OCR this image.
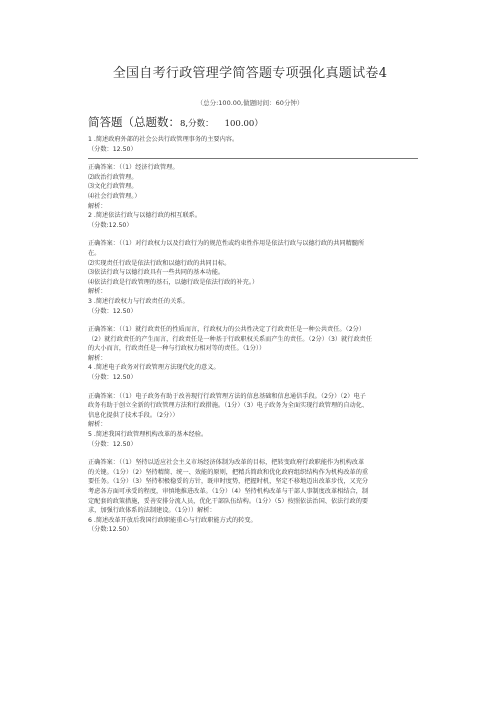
全国自考行政管理学简答题专项强化真题试卷4
（总分:100.00,做题时间：60分钟）
简答题（总题数：8,分数： 100.00）

1 .简述政府外部的社会公共行政管理事务的主要内容。

（分数：12.50）

正确答案：（（1）经济行政管理。

⑵政治行政管理。

⑶文化行政管理。

⑷社会行政管理。）

解析：

2 .简述依法行政与以德行政的相互联系。

（分数:12.50）

正确答案：（（1）对行政权力以及行政行为的规范性或约束性作用是依法行政与以德行政的共同精髓所

在。

⑵实现责任行政是依法行政和以德行政的共同目标。

⑶依法行政与以德行政具有一些共同的基本功能。

⑷依法行政是行政管理的基石，以德行政是依法行政的补充。）

解析：

3 .简述行政权力与行政责任的关系。

（分数：12.50）

正确答案：（（1）就行政责任的性质而言，行政权力的公共性决定了行政责任是一种公共责任。（2分）

（2）就行政责任的产生而言，行政责任是一种基于行政职权关系而产生的责任。（2分）（3）就行政责任

的大小而言，行政责任是一种与行政权力相对等的责任。（1分））

解析：

4 .简述电子政务对行政管理方法现代化的意义。

（分数：12.50）

正确答案：（（1）电子政务有助于改善现行行政管理方法的信息基础和信息通信手段。（2分）（2）电子

政务有助于创立全新的行政管理方法和行政措施。（1分）（3）电子政务为全面实现行政管理的自动化、

信息化提供了技术手段。（2分））

解析：

5 .简述我国行政管理机构改革的基本经验。

（分数：12.50）

正确答案：（（1）坚持以适应社会主义市场经济体制为改革的目标，把转变政府行政职能作为机构改革

的关键。（1分）（2）坚持精简、统一、效能的原则，把精兵简政和优化政府组织结构作为机构改革的重

要任务。（1分）（3）坚持积极稳妥的方针，既审时度势，把握时机，坚定不移地迈出改革步伐，又充分

考虑各方面可承受的程度，审慎地推进改革。（1分）（4）坚持机构改革与干部人事制度改革相结合，制

定配套的政策措施，妥善安排分流人员，优化干部队伍结构。（1分）（5）按照依法治国、依法行政的要

求，加强行政体系的法制建设。（1分））解析：

6 .简述改革开放后我国行政职能重心与行政职能方式的转变。

（分数:12.50）
